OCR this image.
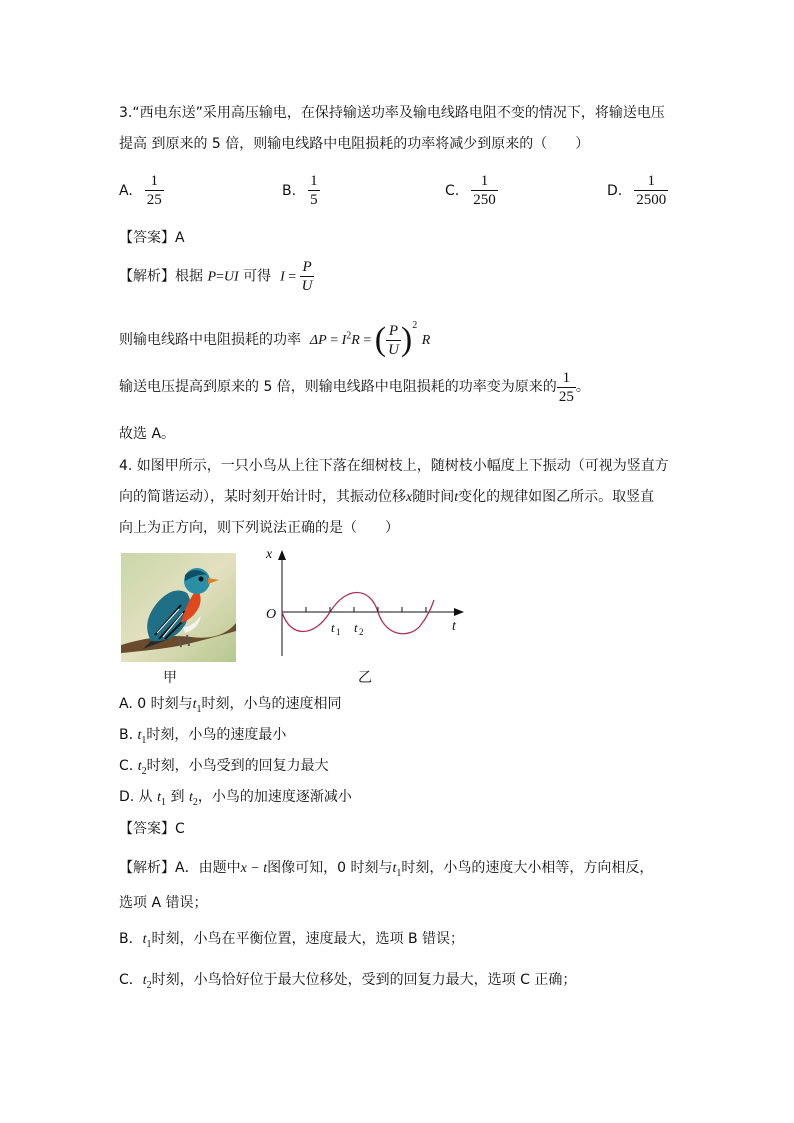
3.“西电东送”采用高压输电，在保持输送功率及输电线路电阻不变的情况下，将输送电压
提高 到原来的 5 倍，则输电线路中电阻损耗的功率将减少到原来的（　　）
A. $\frac{1}{25}$	B. $\frac{1}{5}$	C. $\frac{1}{250}$	D. $\frac{1}{2500}$
【答案】A
【解析】根据 P=UI 可得 $I = \frac{P}{U}$
则输电线路中电阻损耗的功率 $\Delta P = I^2R$ = ( $\frac{P}{U} )^2$ R
输送电压提高到原来的 5 倍，则输电线路中电阻损耗的功率变为原来的 $\frac{1}{25}$ 。
故选 A。
4. 如图甲所示，一只小鸟从上往下落在细树枝上，随树枝小幅度上下振动（可视为竖直方
向的简谐运动），某时刻开始计时，其振动位移x随时间t变化的规律如图乙所示。取竖直
向上为正方向，则下列说法正确的是（　　）
甲
x
O
t
t 1 t 2
乙
A. 0 时刻与$t_1$时刻，小鸟的速度相同
B. $t_1$时刻，小鸟的速度最小
C. $t_2$时刻，小鸟受到的回复力最大
D. 从 $t_1$ 到 $t_2$，小鸟的加速度逐渐减小
【答案】C
【解析】A．由题中x − t图像可知，0 时刻与$t_1$时刻，小鸟的速度大小相等，方向相反，
选项 A 错误；
B．$t_1$时刻，小鸟在平衡位置，速度最大，选项 B 错误；
C．$t_2$时刻，小鸟恰好位于最大位移处，受到的回复力最大，选项 C 正确；
